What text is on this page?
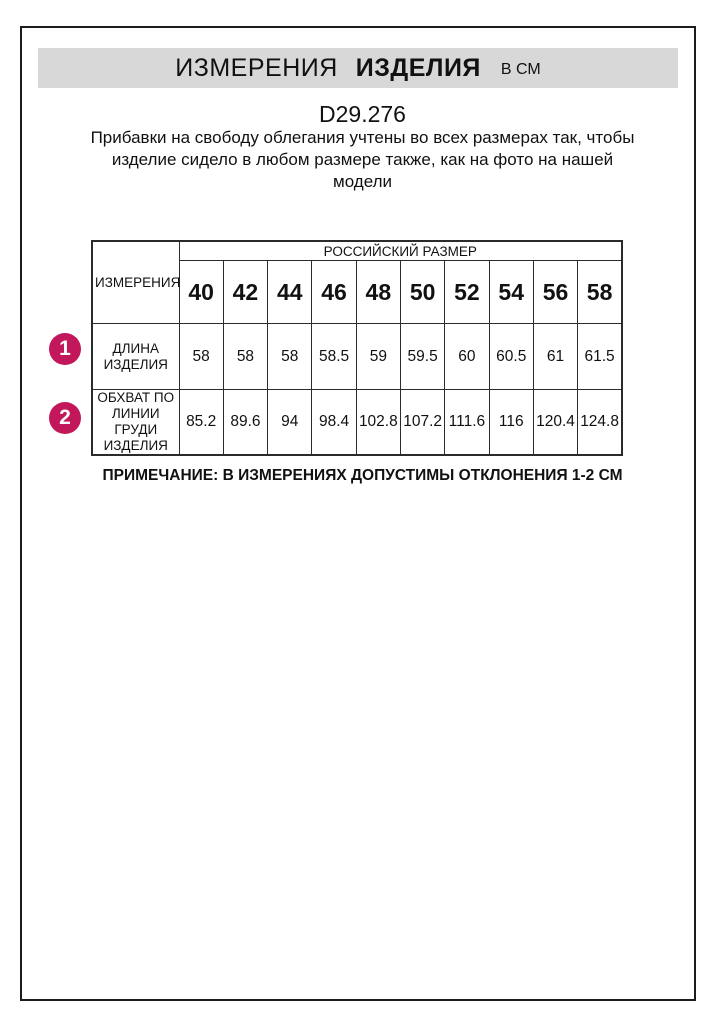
ИЗМЕРЕНИЯ ИЗДЕЛИЯ В СМ
D29.276
Прибавки на свободу облегания учтены во всех размерах так, чтобы
изделие сидело в любом размере также, как на фото на нашей
модели
ИЗМЕРЕНИЯ	РОССИЙСКИЙ РАЗМЕР									
	40	42	44	46	48	50	52	54	56	58
ДЛИНА ИЗДЕЛИЯ	58	58	58	58.5	59	59.5	60	60.5	61	61.5
ОБХВАТ ПО ЛИНИИ ГРУДИ ИЗДЕЛИЯ	85.2	89.6	94	98.4	102.8	107.2	111.6	116	120.4	124.8
1
2
ПРИМЕЧАНИЕ: В ИЗМЕРЕНИЯХ ДОПУСТИМЫ ОТКЛОНЕНИЯ 1-2 СМ
